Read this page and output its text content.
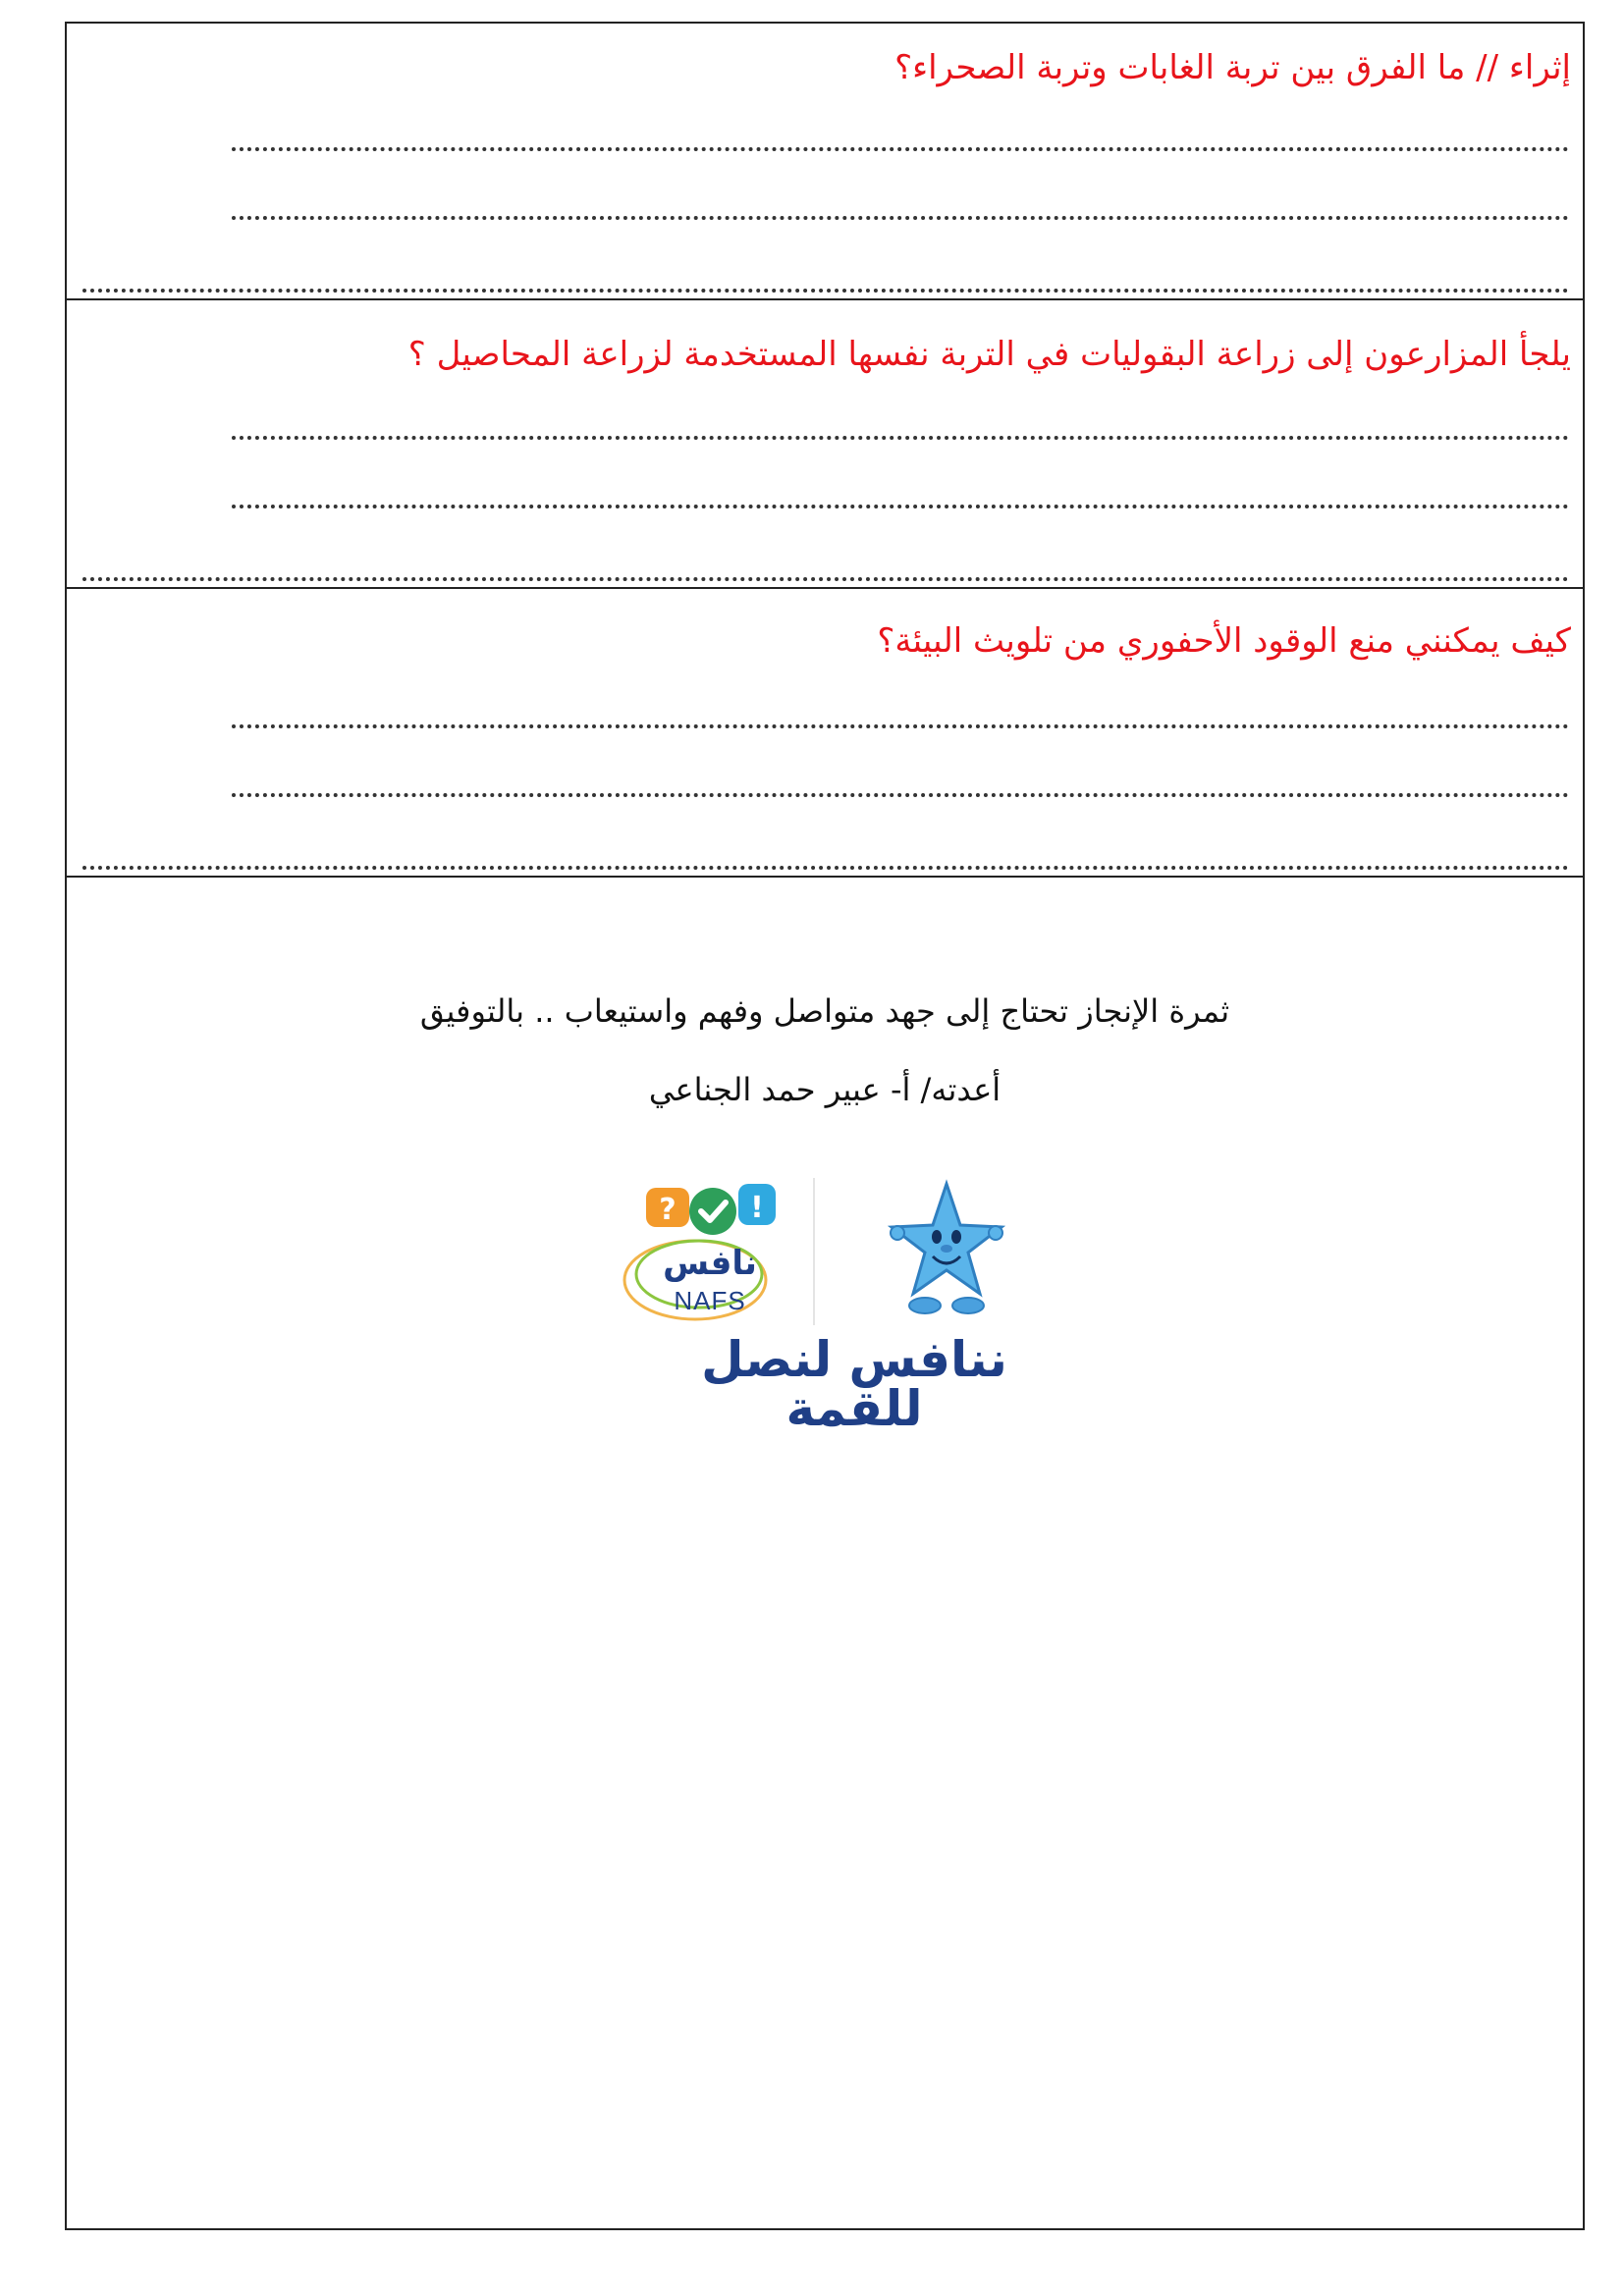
إثراء // ما الفرق بين تربة الغابات وتربة الصحراء؟
يلجأ المزارعون إلى زراعة البقوليات في التربة نفسها المستخدمة لزراعة المحاصيل ؟
كيف يمكنني منع الوقود الأحفوري من تلويث البيئة؟
ثمرة الإنجاز تحتاج إلى جهد متواصل وفهم واستيعاب .. بالتوفيق
أعدته/ أ- عبير حمد الجناعي
?	!
نافس
NAFS
ننافس لنصل للقمة
